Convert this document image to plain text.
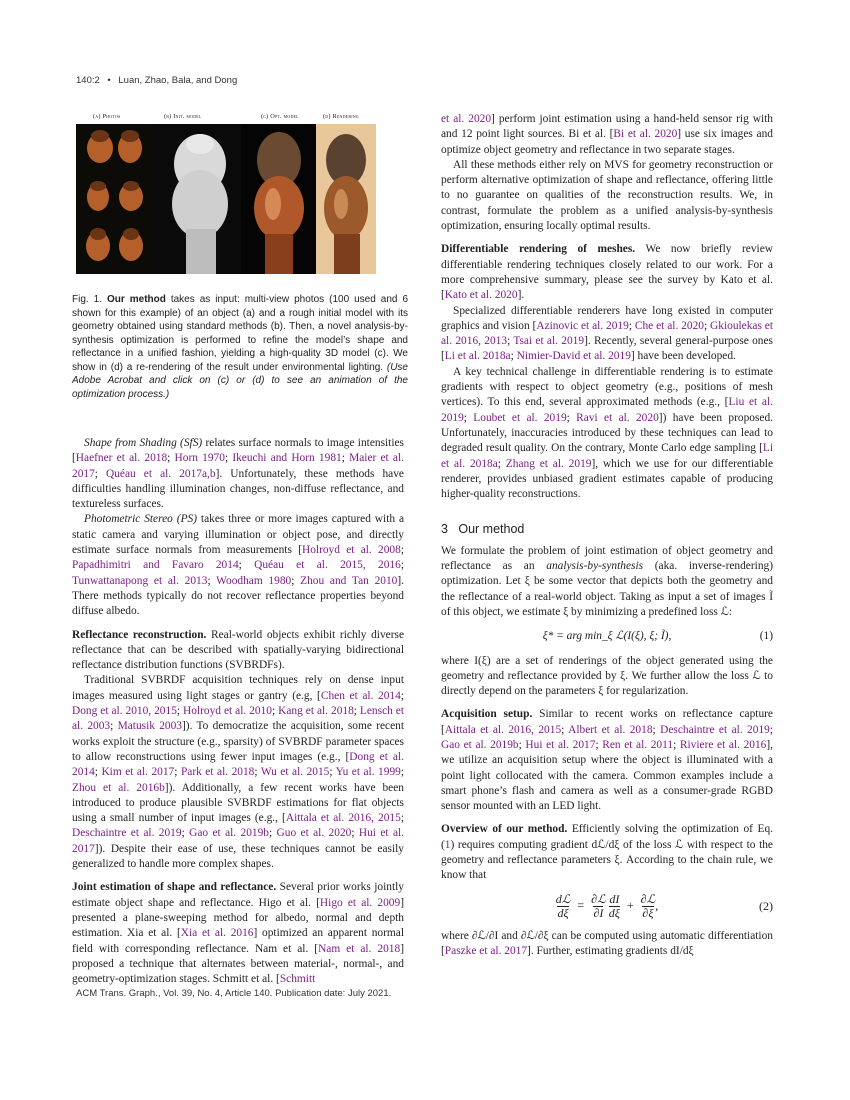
140:2 • Luan, Zhao, Bala, and Dong
(a) Photos	(b) Init. model	(c) Opt. model	(d) Rendering
Fig. 1. Our method takes as input: multi-view photos (100 used and 6 shown for this example) of an object (a) and a rough initial model with its geometry obtained using standard methods (b). Then, a novel analysis-by-synthesis optimization is performed to refine the model’s shape and reflectance in a unified fashion, yielding a high-quality 3D model (c). We show in (d) a re-rendering of the result under environmental lighting. (Use Adobe Acrobat and click on (c) or (d) to see an animation of the optimization process.)

Shape from Shading (SfS) relates surface normals to image intensities [Haefner et al. 2018; Horn 1970; Ikeuchi and Horn 1981; Maier et al. 2017; Quéau et al. 2017a,b]. Unfortunately, these methods have difficulties handling illumination changes, non-diffuse reflectance, and textureless surfaces.

Photometric Stereo (PS) takes three or more images captured with a static camera and varying illumination or object pose, and directly estimate surface normals from measurements [Holroyd et al. 2008; Papadhimitri and Favaro 2014; Quéau et al. 2015, 2016; Tunwattanapong et al. 2013; Woodham 1980; Zhou and Tan 2010]. There methods typically do not recover reflectance properties beyond diffuse albedo.

Reflectance reconstruction. Real-world objects exhibit richly diverse reflectance that can be described with spatially-varying bidirectional reflectance distribution functions (SVBRDFs).

Traditional SVBRDF acquisition techniques rely on dense input images measured using light stages or gantry (e.g, [Chen et al. 2014; Dong et al. 2010, 2015; Holroyd et al. 2010; Kang et al. 2018; Lensch et al. 2003; Matusik 2003]). To democratize the acquisition, some recent works exploit the structure (e.g., sparsity) of SVBRDF parameter spaces to allow reconstructions using fewer input images (e.g., [Dong et al. 2014; Kim et al. 2017; Park et al. 2018; Wu et al. 2015; Yu et al. 1999; Zhou et al. 2016b]). Additionally, a few recent works have been introduced to produce plausible SVBRDF estimations for flat objects using a small number of input images (e.g., [Aittala et al. 2016, 2015; Deschaintre et al. 2019; Gao et al. 2019b; Guo et al. 2020; Hui et al. 2017]). Despite their ease of use, these techniques cannot be easily generalized to handle more complex shapes.

Joint estimation of shape and reflectance. Several prior works jointly estimate object shape and reflectance. Higo et al. [Higo et al. 2009] presented a plane-sweeping method for albedo, normal and depth estimation. Xia et al. [Xia et al. 2016] optimized an apparent normal field with corresponding reflectance. Nam et al. [Nam et al. 2018] proposed a technique that alternates between material-, normal-, and geometry-optimization stages. Schmitt et al. [Schmitt

et al. 2020] perform joint estimation using a hand-held sensor rig with and 12 point light sources. Bi et al. [Bi et al. 2020] use six images and optimize object geometry and reflectance in two separate stages.

All these methods either rely on MVS for geometry reconstruction or perform alternative optimization of shape and reflectance, offering little to no guarantee on qualities of the reconstruction results. We, in contrast, formulate the problem as a unified analysis-by-synthesis optimization, ensuring locally optimal results.

Differentiable rendering of meshes. We now briefly review differentiable rendering techniques closely related to our work. For a more comprehensive summary, please see the survey by Kato et al. [Kato et al. 2020].

Specialized differentiable renderers have long existed in computer graphics and vision [Azinovic et al. 2019; Che et al. 2020; Gkioulekas et al. 2016, 2013; Tsai et al. 2019]. Recently, several general-purpose ones [Li et al. 2018a; Nimier-David et al. 2019] have been developed.

A key technical challenge in differentiable rendering is to estimate gradients with respect to object geometry (e.g., positions of mesh vertices). To this end, several approximated methods (e.g., [Liu et al. 2019; Loubet et al. 2019; Ravi et al. 2020]) have been proposed. Unfortunately, inaccuracies introduced by these techniques can lead to degraded result quality. On the contrary, Monte Carlo edge sampling [Li et al. 2018a; Zhang et al. 2019], which we use for our differentiable renderer, provides unbiased gradient estimates capable of producing higher-quality reconstructions.

3 Our method

We formulate the problem of joint estimation of object geometry and reflectance as an analysis-by-synthesis (aka. inverse-rendering) optimization. Let ξ be some vector that depicts both the geometry and the reflectance of a real-world object. Taking as input a set of images Ĩ of this object, we estimate ξ by minimizing a predefined loss ℒ:

ξ* = arg min_ξ ℒ(I(ξ), ξ; Ĩ),	(1)

where I(ξ) are a set of renderings of the object generated using the geometry and reflectance provided by ξ. We further allow the loss ℒ to directly depend on the parameters ξ for regularization.

Acquisition setup. Similar to recent works on reflectance capture [Aittala et al. 2016, 2015; Albert et al. 2018; Deschaintre et al. 2019; Gao et al. 2019b; Hui et al. 2017; Ren et al. 2011; Riviere et al. 2016], we utilize an acquisition setup where the object is illuminated with a point light collocated with the camera. Common examples include a smart phone’s flash and camera as well as a consumer-grade RGBD sensor mounted with an LED light.

Overview of our method. Efficiently solving the optimization of Eq. (1) requires computing gradient dℒ/dξ of the loss ℒ with respect to the geometry and reflectance parameters ξ. According to the chain rule, we know that

dℒ
dξ
= ∂ℒ
∂I
$\frac{dI}{d\xi}$ + ∂ℒ
∂ξ
,	(2)

where ∂ℒ/∂I and ∂ℒ/∂ξ can be computed using automatic differentiation [Paszke et al. 2017]. Further, estimating gradients dI/dξ

ACM Trans. Graph., Vol. 39, No. 4, Article 140. Publication date: July 2021.
